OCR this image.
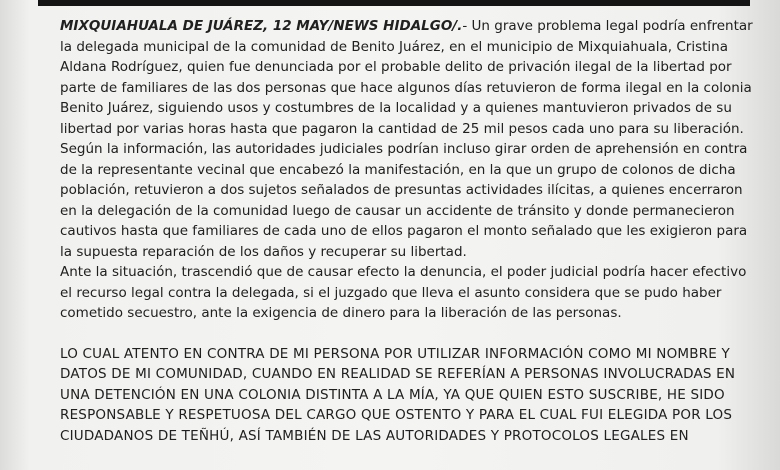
MIXQUIAHUALA DE JUÁREZ, 12 MAY/NEWS HIDALGO/.- Un grave problema legal podría enfrentar la delegada municipal de la comunidad de Benito Juárez, en el municipio de Mixquiahuala, Cristina Aldana Rodríguez, quien fue denunciada por el probable delito de privación ilegal de la libertad por parte de familiares de las dos personas que hace algunos días retuvieron de forma ilegal en la colonia Benito Juárez, siguiendo usos y costumbres de la localidad y a quienes mantuvieron privados de su libertad por varias horas hasta que pagaron la cantidad de 25 mil pesos cada uno para su liberación.

Según la información, las autoridades judiciales podrían incluso girar orden de aprehensión en contra de la representante vecinal que encabezó la manifestación, en la que un grupo de colonos de dicha población, retuvieron a dos sujetos señalados de presuntas actividades ilícitas, a quienes encerraron en la delegación de la comunidad luego de causar un accidente de tránsito y donde permanecieron cautivos hasta que familiares de cada uno de ellos pagaron el monto señalado que les exigieron para la supuesta reparación de los daños y recuperar su libertad.

Ante la situación, trascendió que de causar efecto la denuncia, el poder judicial podría hacer efectivo el recurso legal contra la delegada, si el juzgado que lleva el asunto considera que se pudo haber cometido secuestro, ante la exigencia de dinero para la liberación de las personas.

LO CUAL ATENTO EN CONTRA DE MI PERSONA POR UTILIZAR INFORMACIÓN COMO MI NOMBRE Y DATOS DE MI COMUNIDAD, CUANDO EN REALIDAD SE REFERÍAN A PERSONAS INVOLUCRADAS EN UNA DETENCIÓN EN UNA COLONIA DISTINTA A LA MÍA, YA QUE QUIEN ESTO SUSCRIBE, HE SIDO RESPONSABLE Y RESPETUOSA DEL CARGO QUE OSTENTO Y PARA EL CUAL FUI ELEGIDA POR LOS CIUDADANOS DE TEÑHÚ, ASÍ TAMBIÉN DE LAS AUTORIDADES Y PROTOCOLOS LEGALES EN
